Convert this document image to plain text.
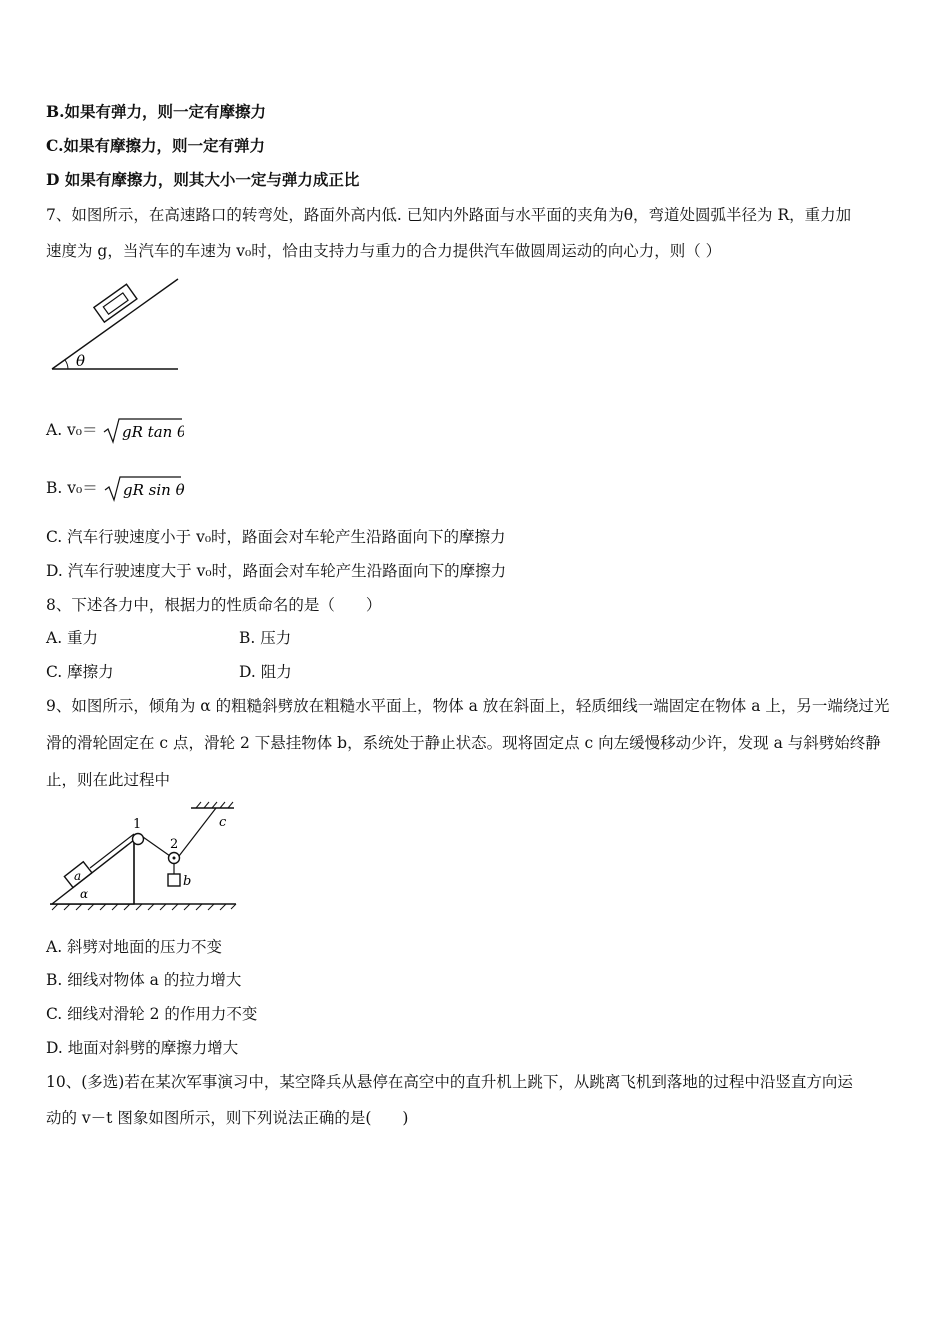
B.如果有弹力，则一定有摩擦力
C.如果有摩擦力，则一定有弹力
D 如果有摩擦力，则其大小一定与弹力成正比
7、如图所示，在高速路口的转弯处，路面外高内低. 已知内外路面与水平面的夹角为θ，弯道处圆弧半径为 R，重力加
速度为 g，当汽车的车速为 v₀时，恰由支持力与重力的合力提供汽车做圆周运动的向心力，则（ ）
θ
A. v₀＝ gR tan θ
B. v₀＝ gR sin θ
C. 汽车行驶速度小于 v₀时，路面会对车轮产生沿路面向下的摩擦力
D. 汽车行驶速度大于 v₀时，路面会对车轮产生沿路面向下的摩擦力
8、下述各力中，根据力的性质命名的是（　　）
A. 重力	B. 压力
C. 摩擦力	D. 阻力
9、如图所示，倾角为 α 的粗糙斜劈放在粗糙水平面上，物体 a 放在斜面上，轻质细线一端固定在物体 a 上，另一端绕过光
滑的滑轮固定在 c 点，滑轮 2 下悬挂物体 b，系统处于静止状态。现将固定点 c 向左缓慢移动少许，发现 a 与斜劈始终静
止，则在此过程中
1
2
c
a	b
α
A. 斜劈对地面的压力不变
B. 细线对物体 a 的拉力增大
C. 细线对滑轮 2 的作用力不变
D. 地面对斜劈的摩擦力增大
10、(多选)若在某次军事演习中，某空降兵从悬停在高空中的直升机上跳下，从跳离飞机到落地的过程中沿竖直方向运
动的 v－t 图象如图所示，则下列说法正确的是(　　)
